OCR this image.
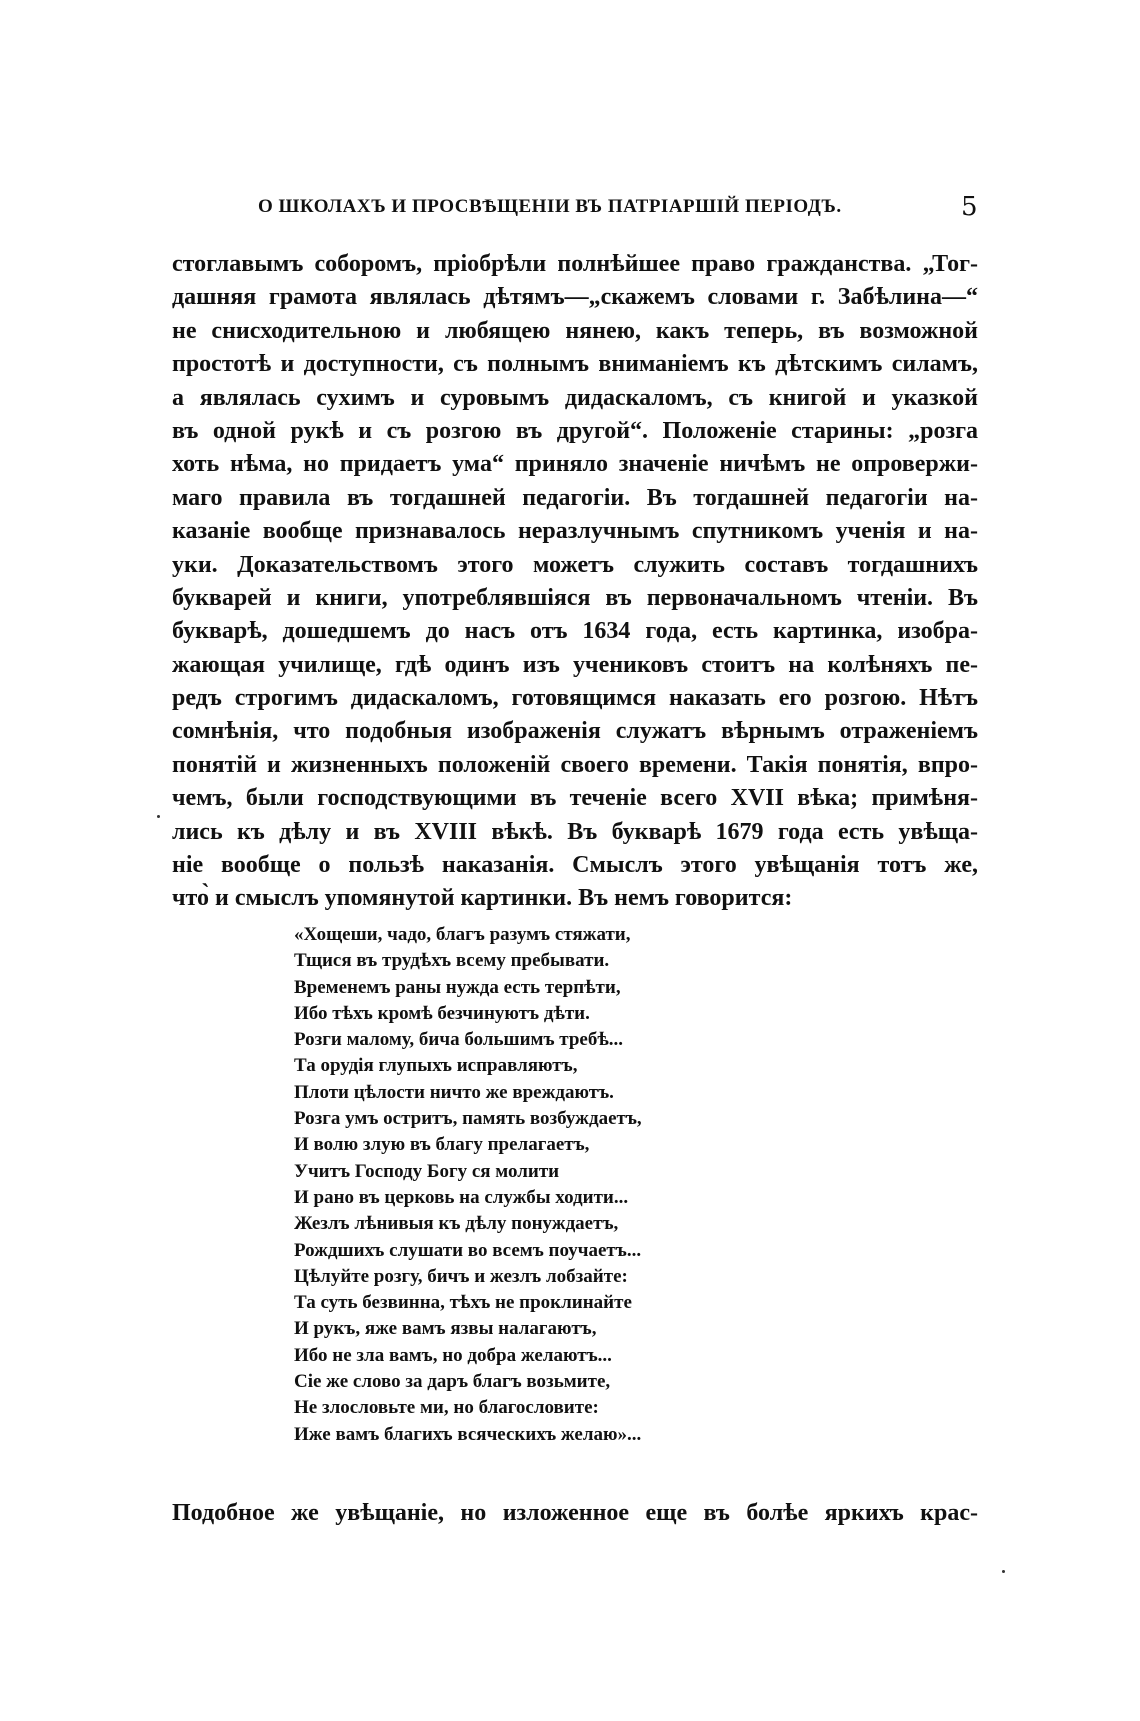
О ШКОЛАХЪ И ПРОСВѢЩЕНІИ ВЪ ПАТРІАРШІЙ ПЕРІОДЪ.	5
стоглавымъ соборомъ, пріобрѣли полнѣйшее право гражданства. „Тог-
дашняя грамота являлась дѣтямъ—„скажемъ словами г. Забѣлина—“
не снисходительною и любящею нянею, какъ теперь, въ возможной
простотѣ и доступности, съ полнымъ вниманіемъ къ дѣтскимъ силамъ,
а являлась сухимъ и суровымъ дидаскаломъ, съ книгой и указкой
въ одной рукѣ и съ розгою въ другой“. Положеніе старины: „розга
хоть нѣма, но придаетъ ума“ приняло значеніе ничѣмъ не опровержи-
маго правила въ тогдашней педагогіи. Въ тогдашней педагогіи на-
казаніе вообще признавалось неразлучнымъ спутникомъ ученія и на-
уки. Доказательствомъ этого можетъ служить составъ тогдашнихъ
букварей и книги, употреблявшіяся въ первоначальномъ чтеніи. Въ
букварѣ, дошедшемъ до насъ отъ 1634 года, есть картинка, изобра-
жающая училище, гдѣ одинъ изъ учениковъ стоитъ на колѣняхъ пе-
редъ строгимъ дидаскаломъ, готовящимся наказать его розгою. Нѣтъ
сомнѣнія, что подобныя изображенія служатъ вѣрнымъ отраженіемъ
понятій и жизненныхъ положеній своего времени. Такія понятія, впро-
чемъ, были господствующими въ теченіе всего XVII вѣка; примѣня-
лись къ дѣлу и въ XVIII вѣкѣ. Въ букварѣ 1679 года есть увѣща-
ніе вообще о пользѣ наказанія. Смыслъ этого увѣщанія тотъ же,
что̀ и смыслъ упомянутой картинки. Въ немъ говорится:
«Хощеши, чадо, благъ разумъ стяжати,
Тщися въ трудѣхъ всему пребывати.
Временемъ раны нужда есть терпѣти,
Ибо тѣхъ кромѣ безчинуютъ дѣти.
Розги малому, бича большимъ требѣ...
Та орудія глупыхъ исправляютъ,
Плоти цѣлости ничто же вреждаютъ.
Розга умъ остритъ, память возбуждаетъ,
И волю злую въ благу прелагаетъ,
Учитъ Господу Богу ся молити
И рано въ церковь на службы ходити...
Жезлъ лѣнивыя къ дѣлу понуждаетъ,
Рождшихъ слушати во всемъ поучаетъ...
Цѣлуйте розгу, бичъ и жезлъ лобзайте:
Та суть безвинна, тѣхъ не проклинайте
И рукъ, яже вамъ язвы налагаютъ,
Ибо не зла вамъ, но добра желаютъ...
Сіе же слово за даръ благъ возьмите,
Не злословьте ми, но благословите:
Иже вамъ благихъ всяческихъ желаю»...
Подобное же увѣщаніе, но изложенное еще въ болѣе яркихъ крас-
